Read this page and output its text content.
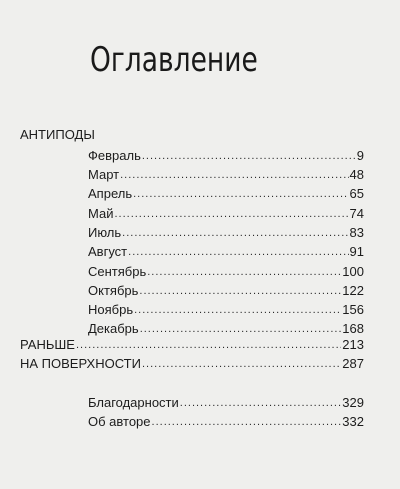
Оглавление
АНТИПОДЫ
Февраль .....	9
Март .....	48
Апрель .....	65
Май .....	74
Июль .....	83
Август .....	91
Сентябрь .....	100
Октябрь .....	122
Ноябрь .....	156
Декабрь .....	168
РАНЬШЕ .....	213
НА ПОВЕРХНОСТИ .....	287
Благодарности .....	329
Об авторе .....	332
